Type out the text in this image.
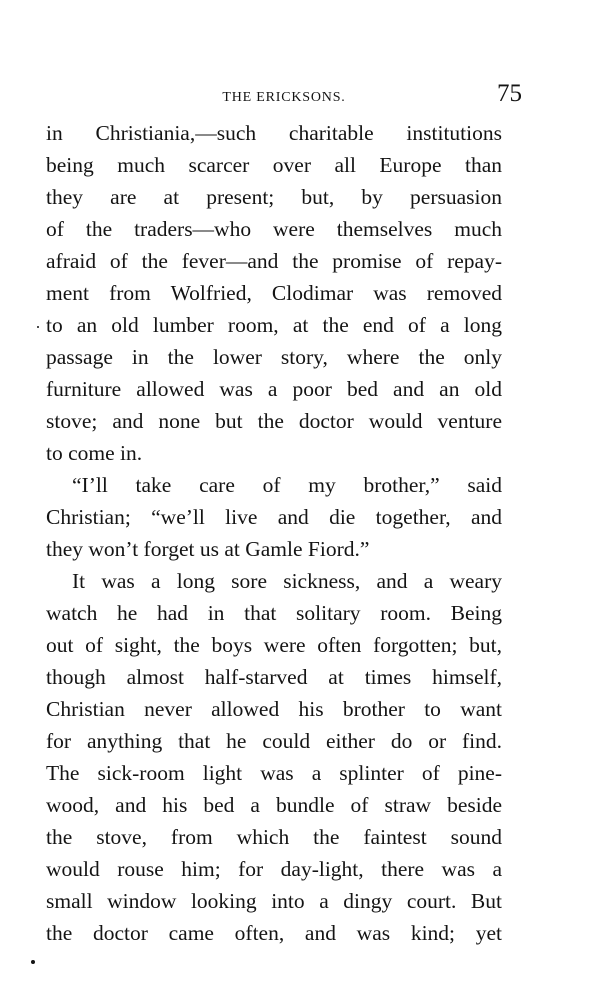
THE ERICKSONS.	75
in Christiania,—such charitable institutions
being much scarcer over all Europe than
they are at present; but, by persuasion
of the traders—who were themselves much
afraid of the fever—and the promise of repay-
ment from Wolfried, Clodimar was removed
to an old lumber room, at the end of a long
passage in the lower story, where the only
furniture allowed was a poor bed and an old
stove; and none but the doctor would venture
to come in.
“I’ll take care of my brother,” said
Christian; “we’ll live and die together, and
they won’t forget us at Gamle Fiord.”
It was a long sore sickness, and a weary
watch he had in that solitary room. Being
out of sight, the boys were often forgotten; but,
though almost half-starved at times himself,
Christian never allowed his brother to want
for anything that he could either do or find.
The sick-room light was a splinter of pine-
wood, and his bed a bundle of straw beside
the stove, from which the faintest sound
would rouse him; for day-light, there was a
small window looking into a dingy court. But
the doctor came often, and was kind; yet
